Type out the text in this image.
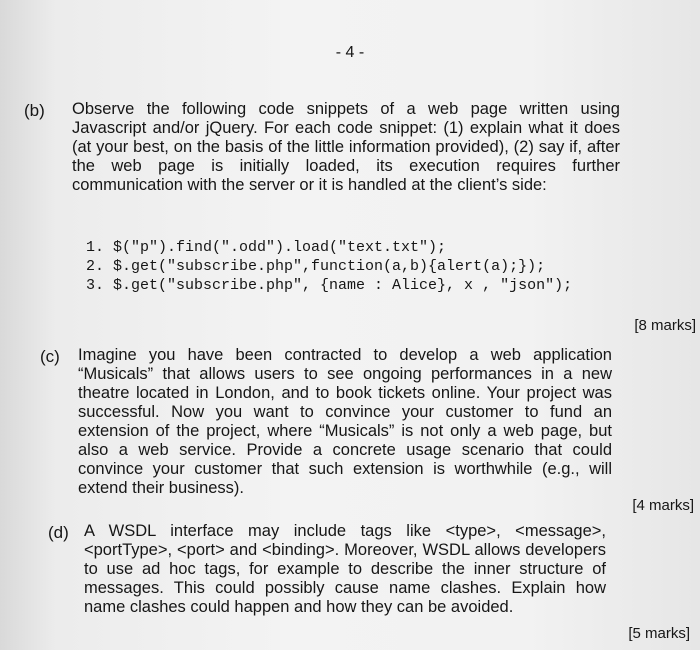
- 4 -
(b) Observe the following code snippets of a web page written using Javascript and/or jQuery. For each code snippet: (1) explain what it does (at your best, on the basis of the little information provided), (2) say if, after the web page is initially loaded, its execution requires further communication with the server or it is handled at the client’s side:

1. $("p").find(".odd").load("text.txt");
2. $.get("subscribe.php",function(a,b){alert(a);});
3. $.get("subscribe.php", {name : Alice}, x , "json");
[8 marks]
(c) Imagine you have been contracted to develop a web application “Musicals” that allows users to see ongoing performances in a new theatre located in London, and to book tickets online. Your project was successful. Now you want to convince your customer to fund an extension of the project, where “Musicals” is not only a web page, but also a web service. Provide a concrete usage scenario that could convince your customer that such extension is worthwhile (e.g., will extend their business).

[4 marks]
(d) A WSDL interface may include tags like <type>, <message>, <portType>, <port> and <binding>. Moreover, WSDL allows developers to use ad hoc tags, for example to describe the inner structure of messages. This could possibly cause name clashes. Explain how name clashes could happen and how they can be avoided.

[5 marks]
